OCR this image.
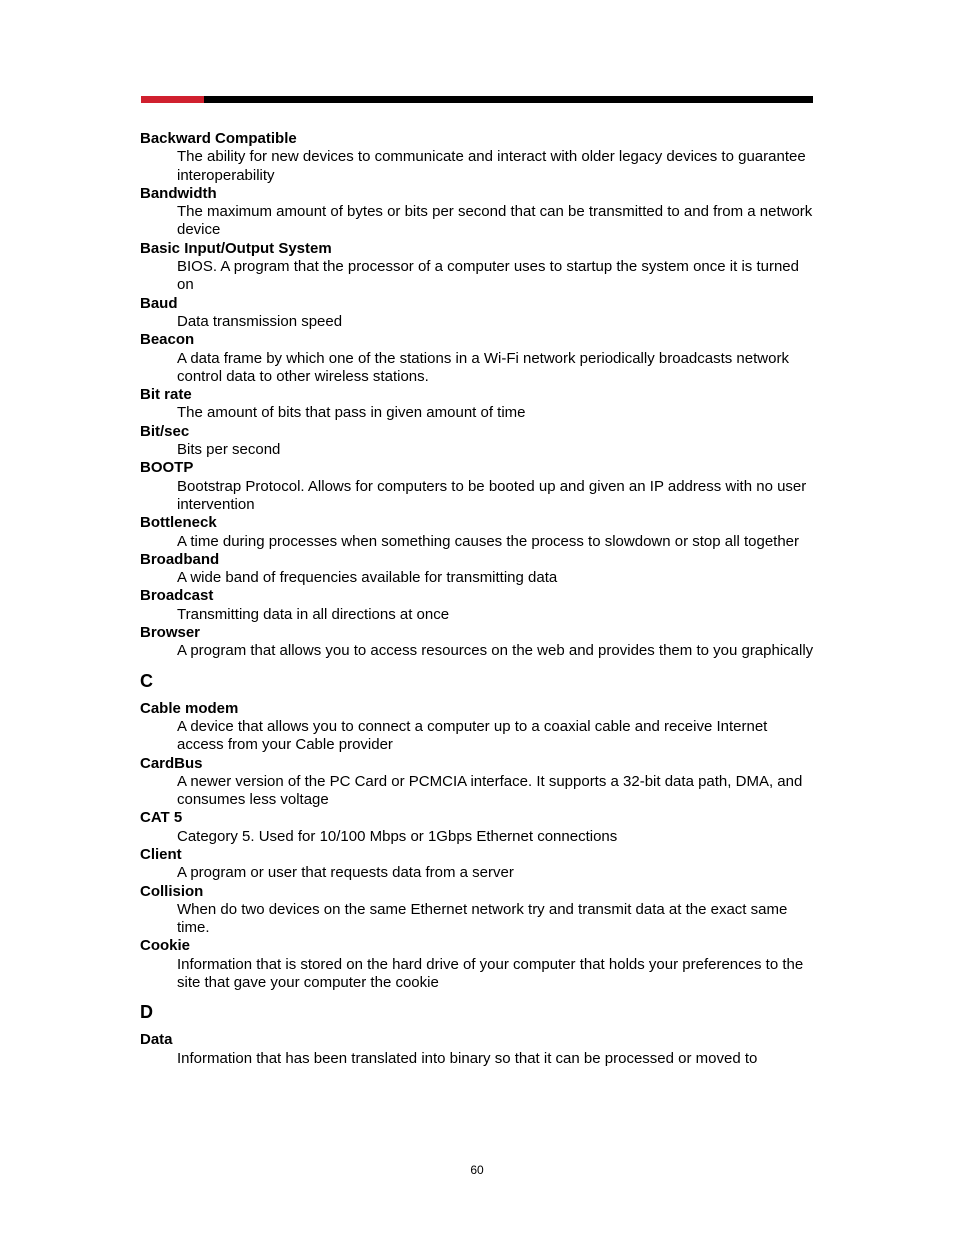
Backward Compatible
The ability for new devices to communicate and interact with older legacy devices to guarantee interoperability
Bandwidth
The maximum amount of bytes or bits per second that can be transmitted to and from a network device
Basic Input/Output System
BIOS. A program that the processor of a computer uses to startup the system once it is turned on
Baud
Data transmission speed
Beacon
A data frame by which one of the stations in a Wi-Fi network periodically broadcasts network control data to other wireless stations.
Bit rate
The amount of bits that pass in given amount of time
Bit/sec
Bits per second
BOOTP
Bootstrap Protocol. Allows for computers to be booted up and given an IP address with no user intervention
Bottleneck
A time during processes when something causes the process to slowdown or stop all together
Broadband
A wide band of frequencies available for transmitting data
Broadcast
Transmitting data in all directions at once
Browser
A program that allows you to access resources on the web and provides them to you graphically
C
Cable modem
A device that allows you to connect a computer up to a coaxial cable and receive Internet access from your Cable provider
CardBus
A newer version of the PC Card or PCMCIA interface. It supports a 32-bit data path, DMA, and consumes less voltage
CAT 5
Category 5. Used for 10/100 Mbps or 1Gbps Ethernet connections
Client
A program or user that requests data from a server
Collision
When do two devices on the same Ethernet network try and transmit data at the exact same time.
Cookie
Information that is stored on the hard drive of your computer that holds your preferences to the site that gave your computer the cookie
D
Data
Information that has been translated into binary so that it can be processed or moved to
60
